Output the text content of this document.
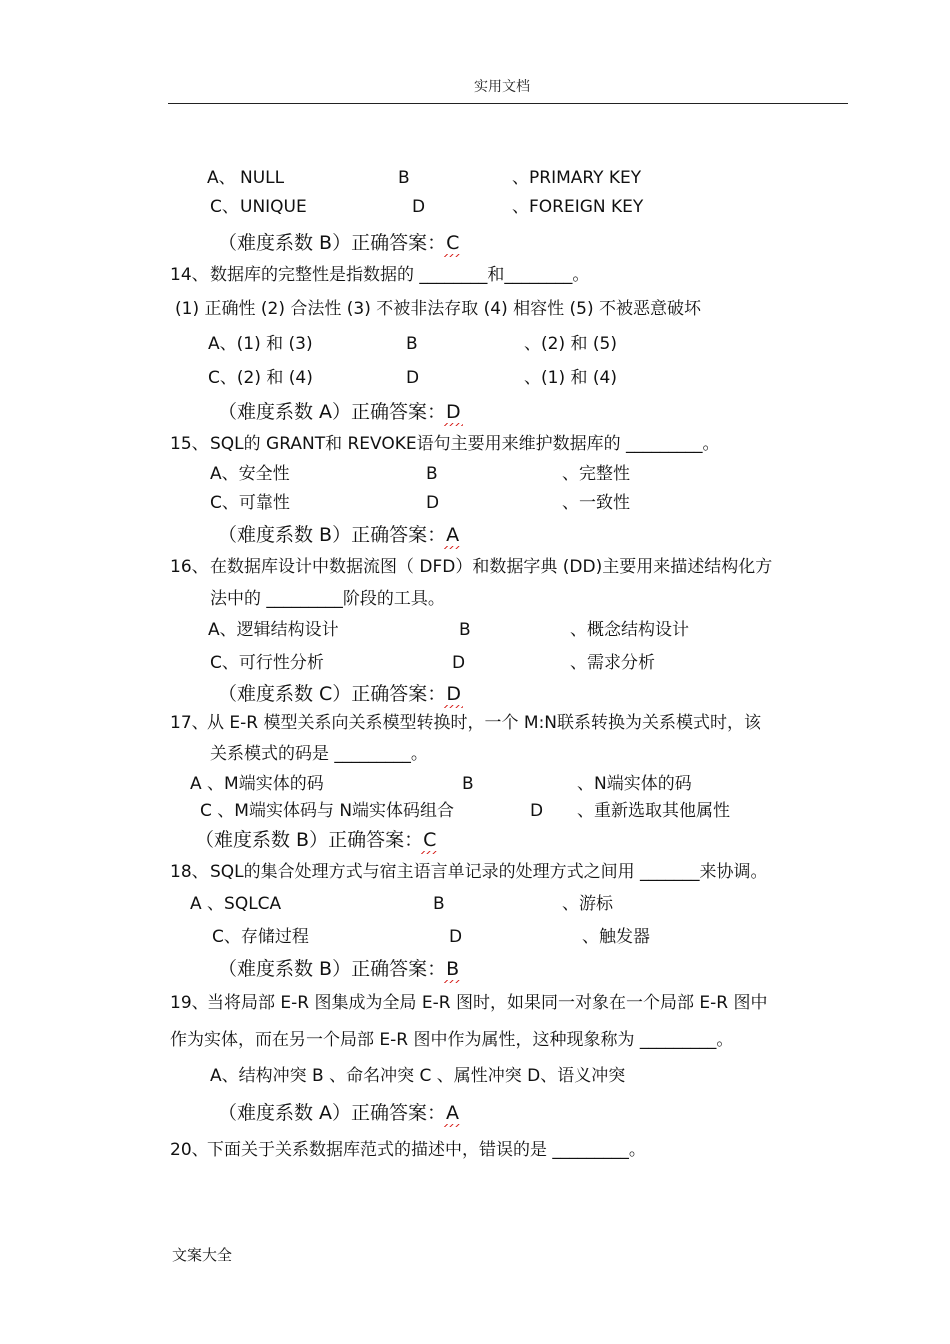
实用文档
A、 NULL	B	、PRIMARY KEY
C、 UNIQUE	D	、FOREIGN KEY
（难度系数 B）正确答案：C
14、 数据库的完整性是指数据的 ________和________。
(1) 正确性 (2) 合法性 (3) 不被非法存取 (4) 相容性 (5) 不被恶意破坏
A、(1) 和 (3)	B	、(2) 和 (5)
C、(2) 和 (4)	D	、(1) 和 (4)
（难度系数 A）正确答案：D
15、 SQL的 GRANT和 REVOKE语句主要用来维护数据库的 _________。
A、安全性	B	、完整性
C、可靠性	D	、一致性
（难度系数 B）正确答案：A
16、 在数据库设计中数据流图（ DFD）和数据字典 (DD)主要用来描述结构化方
法中的 _________阶段的工具。
A、逻辑结构设计	B	、概念结构设计
C、可行性分析	D	、需求分析
（难度系数 C）正确答案：D
17、
从 E-R 模型关系向关系模型转换时，一个 M:N联系转换为关系模式时，该
关系模式的码是 _________。
A 、M端实体的码	B	、N端实体的码
C 、M端实体码与 N端实体码组合	D 、重新选取其他属性
（难度系数 B）正确答案：C
18、 SQL的集合处理方式与宿主语言单记录的处理方式之间用 _______来协调。
A 、SQLCA	B	、游标
C、存储过程	D	、触发器
（难度系数 B）正确答案：B
19、
当将局部 E-R 图集成为全局 E-R 图时，如果同一对象在一个局部 E-R 图中
作为实体，而在另一个局部 E-R 图中作为属性，这种现象称为 _________。
A、结构冲突 B 、命名冲突 C 、属性冲突 D、语义冲突
（难度系数 A）正确答案：A
20、
下面关于关系数据库范式的描述中，错误的是 _________。
文案大全
